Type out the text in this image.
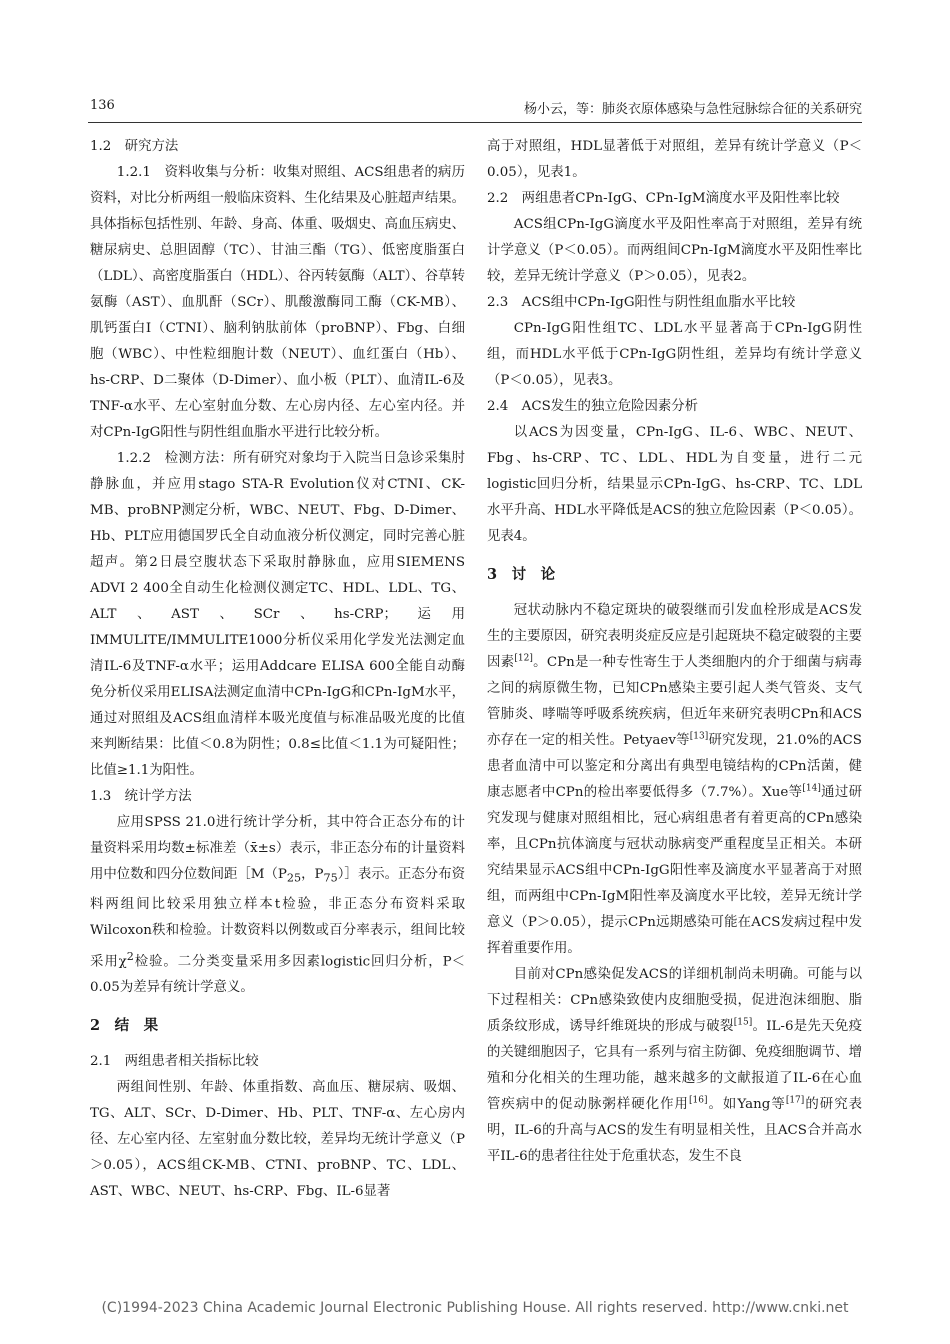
136	杨小云，等：肺炎衣原体感染与急性冠脉综合征的关系研究

1.2　研究方法

1.2.1　资料收集与分析：收集对照组、ACS组患者的病历资料，对比分析两组一般临床资料、生化结果及心脏超声结果。具体指标包括性别、年龄、身高、体重、吸烟史、高血压病史、糖尿病史、总胆固醇（TC）、甘油三酯（TG）、低密度脂蛋白（LDL）、高密度脂蛋白（HDL）、谷丙转氨酶（ALT）、谷草转氨酶（AST）、血肌酐（SCr）、肌酸激酶同工酶（CK-MB）、肌钙蛋白I（CTNI）、脑利钠肽前体（proBNP）、Fbg、白细胞（WBC）、中性粒细胞计数（NEUT）、血红蛋白（Hb）、hs-CRP、D二聚体（D-Dimer）、血小板（PLT）、血清IL-6及TNF-α水平、左心室射血分数、左心房内径、左心室内径。并对CPn-IgG阳性与阴性组血脂水平进行比较分析。

1.2.2　检测方法：所有研究对象均于入院当日急诊采集肘静脉血，并应用stago STA-R Evolution仪对CTNI、CK-MB、proBNP测定分析，WBC、NEUT、Fbg、D-Dimer、Hb、PLT应用德国罗氏全自动血液分析仪测定，同时完善心脏超声。第2日晨空腹状态下采取肘静脉血，应用SIEMENS ADVI 2 400全自动生化检测仪测定TC、HDL、LDL、TG、ALT、AST、SCr、hs-CRP；运用IMMULITE/IMMULITE1000分析仪采用化学发光法测定血清IL-6及TNF-α水平；运用Addcare ELISA 600全能自动酶免分析仪采用ELISA法测定血清中CPn-IgG和CPn-IgM水平，通过对照组及ACS组血清样本吸光度值与标准品吸光度的比值来判断结果：比值＜0.8为阴性；0.8≤比值＜1.1为可疑阳性；比值≥1.1为阳性。

1.3　统计学方法

应用SPSS 21.0进行统计学分析，其中符合正态分布的计量资料采用均数±标准差（x̄±s）表示，非正态分布的计量资料用中位数和四分位数间距$[M(P_{25}$，$P_{75})]$表示。正态分布资料两组间比较采用独立样本t检验，非正态分布资料采取Wilcoxon秩和检验。计数资料以例数或百分率表示，组间比较采用$\chi^2$检验。二分类变量采用多因素logistic回归分析，P＜0.05为差异有统计学意义。

2　结　果

2.1　两组患者相关指标比较

两组间性别、年龄、体重指数、高血压、糖尿病、吸烟、TG、ALT、SCr、D-Dimer、Hb、PLT、TNF-α、左心房内径、左心室内径、左室射血分数比较，差异均无统计学意义（P＞0.05），ACS组CK-MB、CTNI、proBNP、TC、LDL、AST、WBC、NEUT、hs-CRP、Fbg、IL-6显著

高于对照组，HDL显著低于对照组，差异有统计学意义（P＜0.05），见表1。

2.2　两组患者CPn-IgG、CPn-IgM滴度水平及阳性率比较

ACS组CPn-IgG滴度水平及阳性率高于对照组，差异有统计学意义（P＜0.05）。而两组间CPn-IgM滴度水平及阳性率比较，差异无统计学意义（P＞0.05），见表2。

2.3　ACS组中CPn-IgG阳性与阴性组血脂水平比较

CPn-IgG阳性组TC、LDL水平显著高于CPn-IgG阴性组，而HDL水平低于CPn-IgG阴性组，差异均有统计学意义（P＜0.05），见表3。

2.4　ACS发生的独立危险因素分析

以ACS为因变量，CPn-IgG、IL-6、WBC、NEUT、Fbg、hs-CRP、TC、LDL、HDL为自变量，进行二元logistic回归分析，结果显示CPn-IgG、hs-CRP、TC、LDL水平升高、HDL水平降低是ACS的独立危险因素（P＜0.05）。见表4。

3　讨　论

冠状动脉内不稳定斑块的破裂继而引发血栓形成是ACS发生的主要原因，研究表明炎症反应是引起斑块不稳定破裂的主要因素[12]。CPn是一种专性寄生于人类细胞内的介于细菌与病毒之间的病原微生物，已知CPn感染主要引起人类气管炎、支气管肺炎、哮喘等呼吸系统疾病，但近年来研究表明CPn和ACS亦存在一定的相关性。Petyaev等[13]研究发现，21.0%的ACS患者血清中可以鉴定和分离出有典型电镜结构的CPn活菌，健康志愿者中CPn的检出率要低得多（7.7%）。Xue等[14]通过研究发现与健康对照组相比，冠心病组患者有着更高的CPn感染率，且CPn抗体滴度与冠状动脉病变严重程度呈正相关。本研究结果显示ACS组中CPn-IgG阳性率及滴度水平显著高于对照组，而两组中CPn-IgM阳性率及滴度水平比较，差异无统计学意义（P＞0.05），提示CPn远期感染可能在ACS发病过程中发挥着重要作用。

目前对CPn感染促发ACS的详细机制尚未明确。可能与以下过程相关：CPn感染致使内皮细胞受损，促进泡沫细胞、脂质条纹形成，诱导纤维斑块的形成与破裂[15]。IL-6是先天免疫的关键细胞因子，它具有一系列与宿主防御、免疫细胞调节、增殖和分化相关的生理功能，越来越多的文献报道了IL-6在心血管疾病中的促动脉粥样硬化作用[16]。如Yang等[17]的研究表明，IL-6的升高与ACS的发生有明显相关性，且ACS合并高水平IL-6的患者往往处于危重状态，发生不良

(C)1994-2023 China Academic Journal Electronic Publishing House. All rights reserved. http://www.cnki.net
